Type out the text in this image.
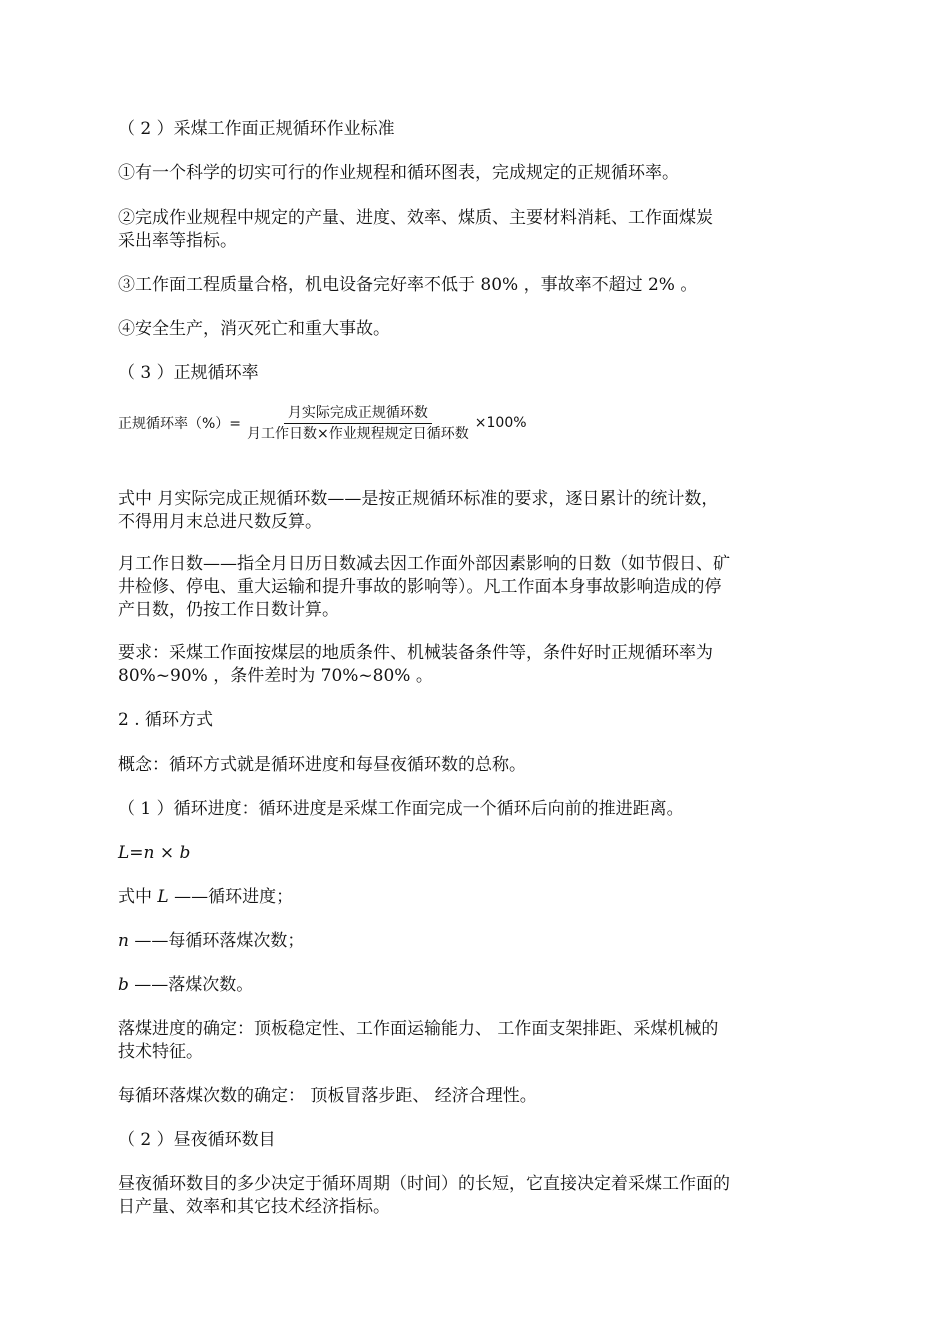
（ 2 ）采煤工作面正规循环作业标准

①有一个科学的切实可行的作业规程和循环图表，完成规定的正规循环率。

②完成作业规程中规定的产量、进度、效率、煤质、主要材料消耗、工作面煤炭
采出率等指标。

③工作面工程质量合格，机电设备完好率不低于 80% ，事故率不超过 2% 。

④安全生产，消灭死亡和重大事故。

（ 3 ）正规循环率

正规循环率（%）= $\frac{\text{月实际完成正规循环数}}{\text{月工作日数×作业规程规定日循环数}} \times 100\%$
式中 月实际完成正规循环数——是按正规循环标准的要求，逐日累计的统计数，
不得用月末总进尺数反算。
月工作日数——指全月日历日数减去因工作面外部因素影响的日数（如节假日、矿
井检修、停电、重大运输和提升事故的影响等）。凡工作面本身事故影响造成的停
产日数，仍按工作日数计算。
要求：采煤工作面按煤层的地质条件、机械装备条件等，条件好时正规循环率为
80%~90% ，条件差时为 70%~80% 。

2 . 循环方式

概念：循环方式就是循环进度和每昼夜循环数的总称。

（ 1 ）循环进度：循环进度是采煤工作面完成一个循环后向前的推进距离。

L=n × b

式中 L ——循环进度；

n ——每循环落煤次数；

b ——落煤次数。

落煤进度的确定：顶板稳定性、工作面运输能力、 工作面支架排距、采煤机械的
技术特征。

每循环落煤次数的确定： 顶板冒落步距、 经济合理性。

（ 2 ）昼夜循环数目

昼夜循环数目的多少决定于循环周期（时间）的长短，它直接决定着采煤工作面的
日产量、效率和其它技术经济指标。
